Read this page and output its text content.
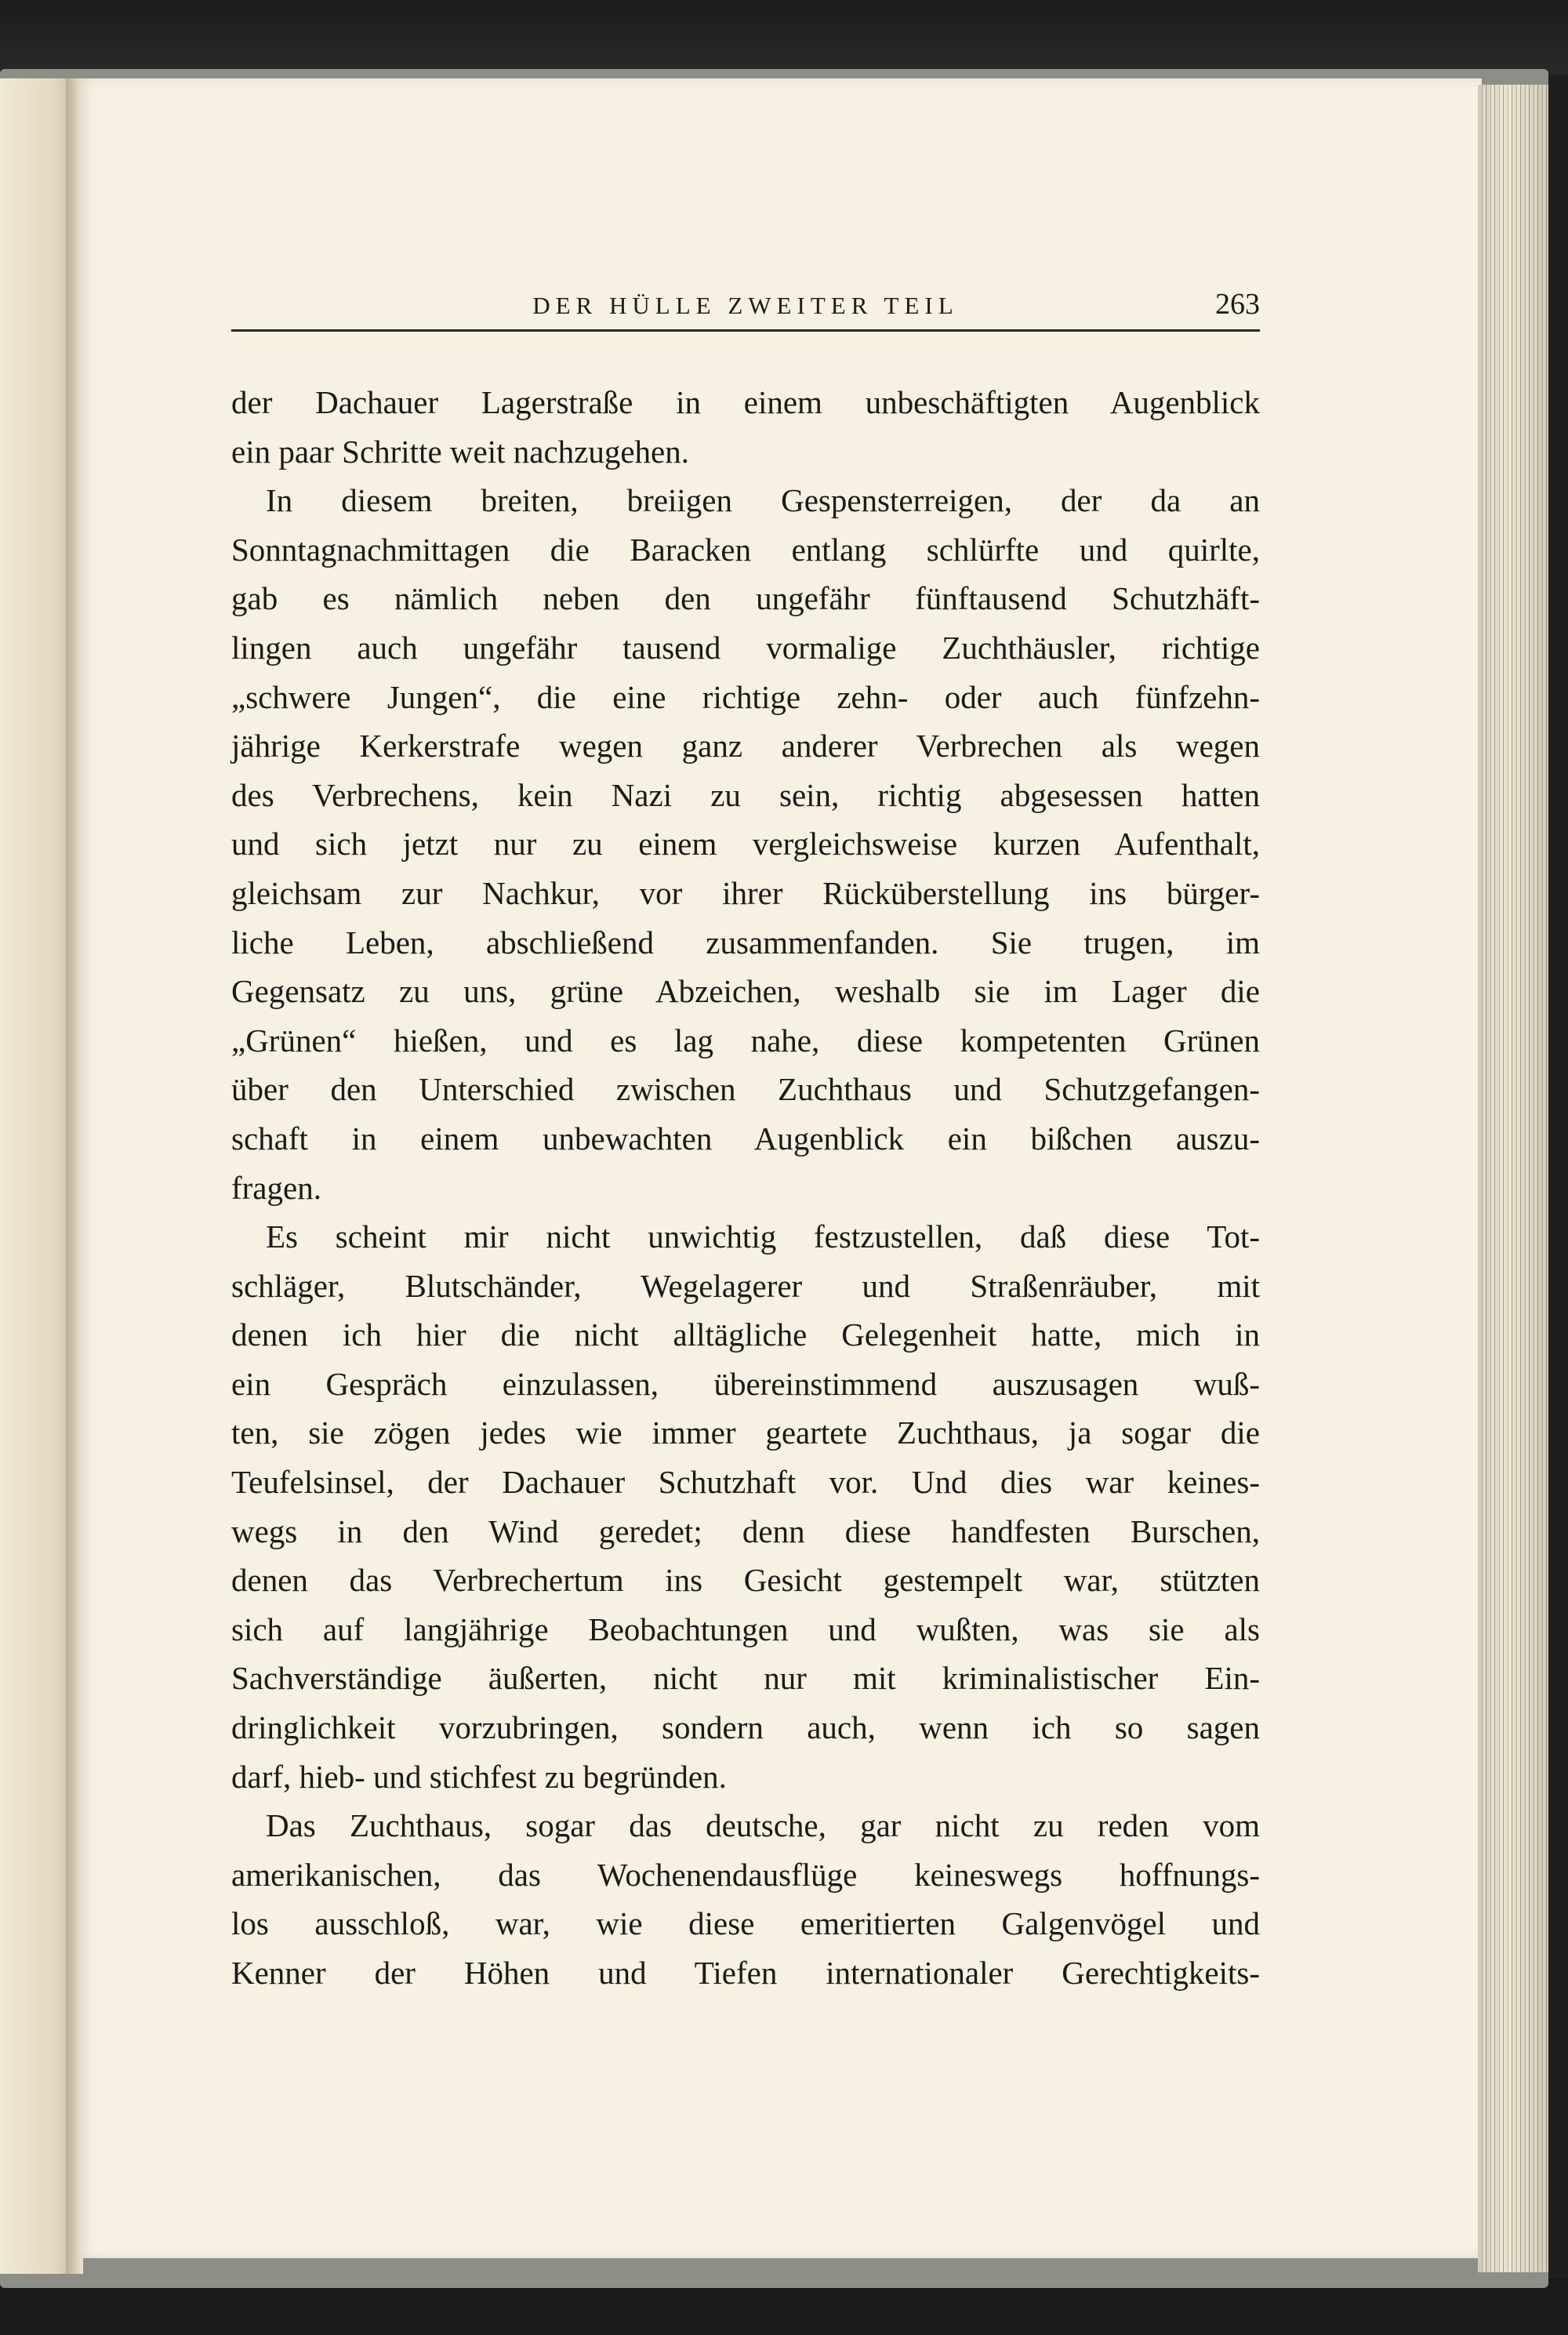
DER HÜLLE ZWEITER TEIL	263
der Dachauer Lagerstraße in einem unbeschäftigten Augenblick
ein paar Schritte weit nachzugehen.
In diesem breiten, breiigen Gespensterreigen, der da an
Sonntagnachmittagen die Baracken entlang schlürfte und quirlte,
gab es nämlich neben den ungefähr fünftausend Schutzhäft-
lingen auch ungefähr tausend vormalige Zuchthäusler, richtige
„schwere Jungen“, die eine richtige zehn- oder auch fünfzehn-
jährige Kerkerstrafe wegen ganz anderer Verbrechen als wegen
des Verbrechens, kein Nazi zu sein, richtig abgesessen hatten
und sich jetzt nur zu einem vergleichsweise kurzen Aufenthalt,
gleichsam zur Nachkur, vor ihrer Rücküberstellung ins bürger-
liche Leben, abschließend zusammenfanden. Sie trugen, im
Gegensatz zu uns, grüne Abzeichen, weshalb sie im Lager die
„Grünen“ hießen, und es lag nahe, diese kompetenten Grünen
über den Unterschied zwischen Zuchthaus und Schutzgefangen-
schaft in einem unbewachten Augenblick ein bißchen auszu-
fragen.
Es scheint mir nicht unwichtig festzustellen, daß diese Tot-
schläger, Blutschänder, Wegelagerer und Straßenräuber, mit
denen ich hier die nicht alltägliche Gelegenheit hatte, mich in
ein Gespräch einzulassen, übereinstimmend auszusagen wuß-
ten, sie zögen jedes wie immer geartete Zuchthaus, ja sogar die
Teufelsinsel, der Dachauer Schutzhaft vor. Und dies war keines-
wegs in den Wind geredet; denn diese handfesten Burschen,
denen das Verbrechertum ins Gesicht gestempelt war, stützten
sich auf langjährige Beobachtungen und wußten, was sie als
Sachverständige äußerten, nicht nur mit kriminalistischer Ein-
dringlichkeit vorzubringen, sondern auch, wenn ich so sagen
darf, hieb- und stichfest zu begründen.
Das Zuchthaus, sogar das deutsche, gar nicht zu reden vom
amerikanischen, das Wochenendausflüge keineswegs hoffnungs-
los ausschloß, war, wie diese emeritierten Galgenvögel und
Kenner der Höhen und Tiefen internationaler Gerechtigkeits-
